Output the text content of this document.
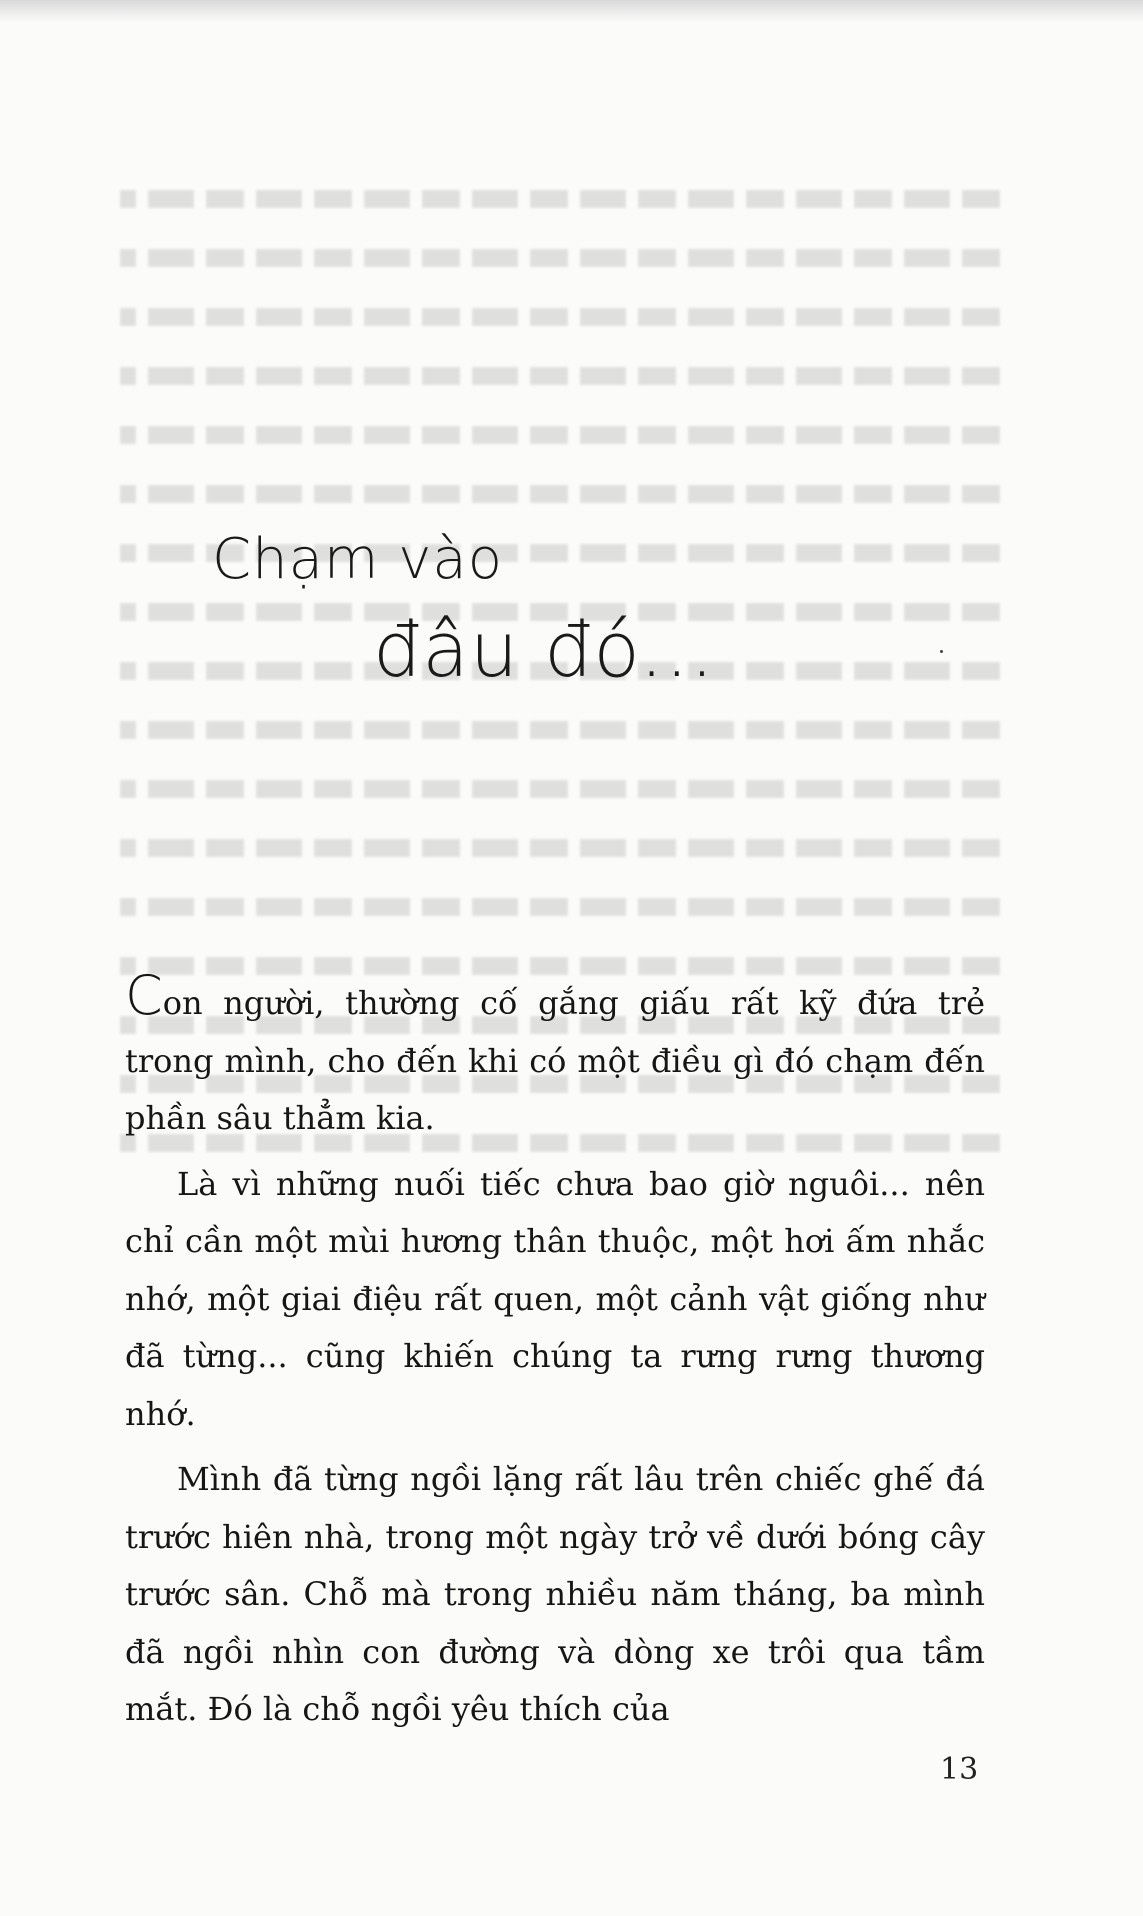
Chạm vào
đâu đó...

Con người, thường cố gắng giấu rất kỹ đứa trẻ trong mình, cho đến khi có một điều gì đó chạm đến phần sâu thẳm kia.

Là vì những nuối tiếc chưa bao giờ nguôi... nên chỉ cần một mùi hương thân thuộc, một hơi ấm nhắc nhớ, một giai điệu rất quen, một cảnh vật giống như đã từng... cũng khiến chúng ta rưng rưng thương nhớ.

Mình đã từng ngồi lặng rất lâu trên chiếc ghế đá trước hiên nhà, trong một ngày trở về dưới bóng cây trước sân. Chỗ mà trong nhiều năm tháng, ba mình đã ngồi nhìn con đường và dòng xe trôi qua tầm mắt. Đó là chỗ ngồi yêu thích của

13
